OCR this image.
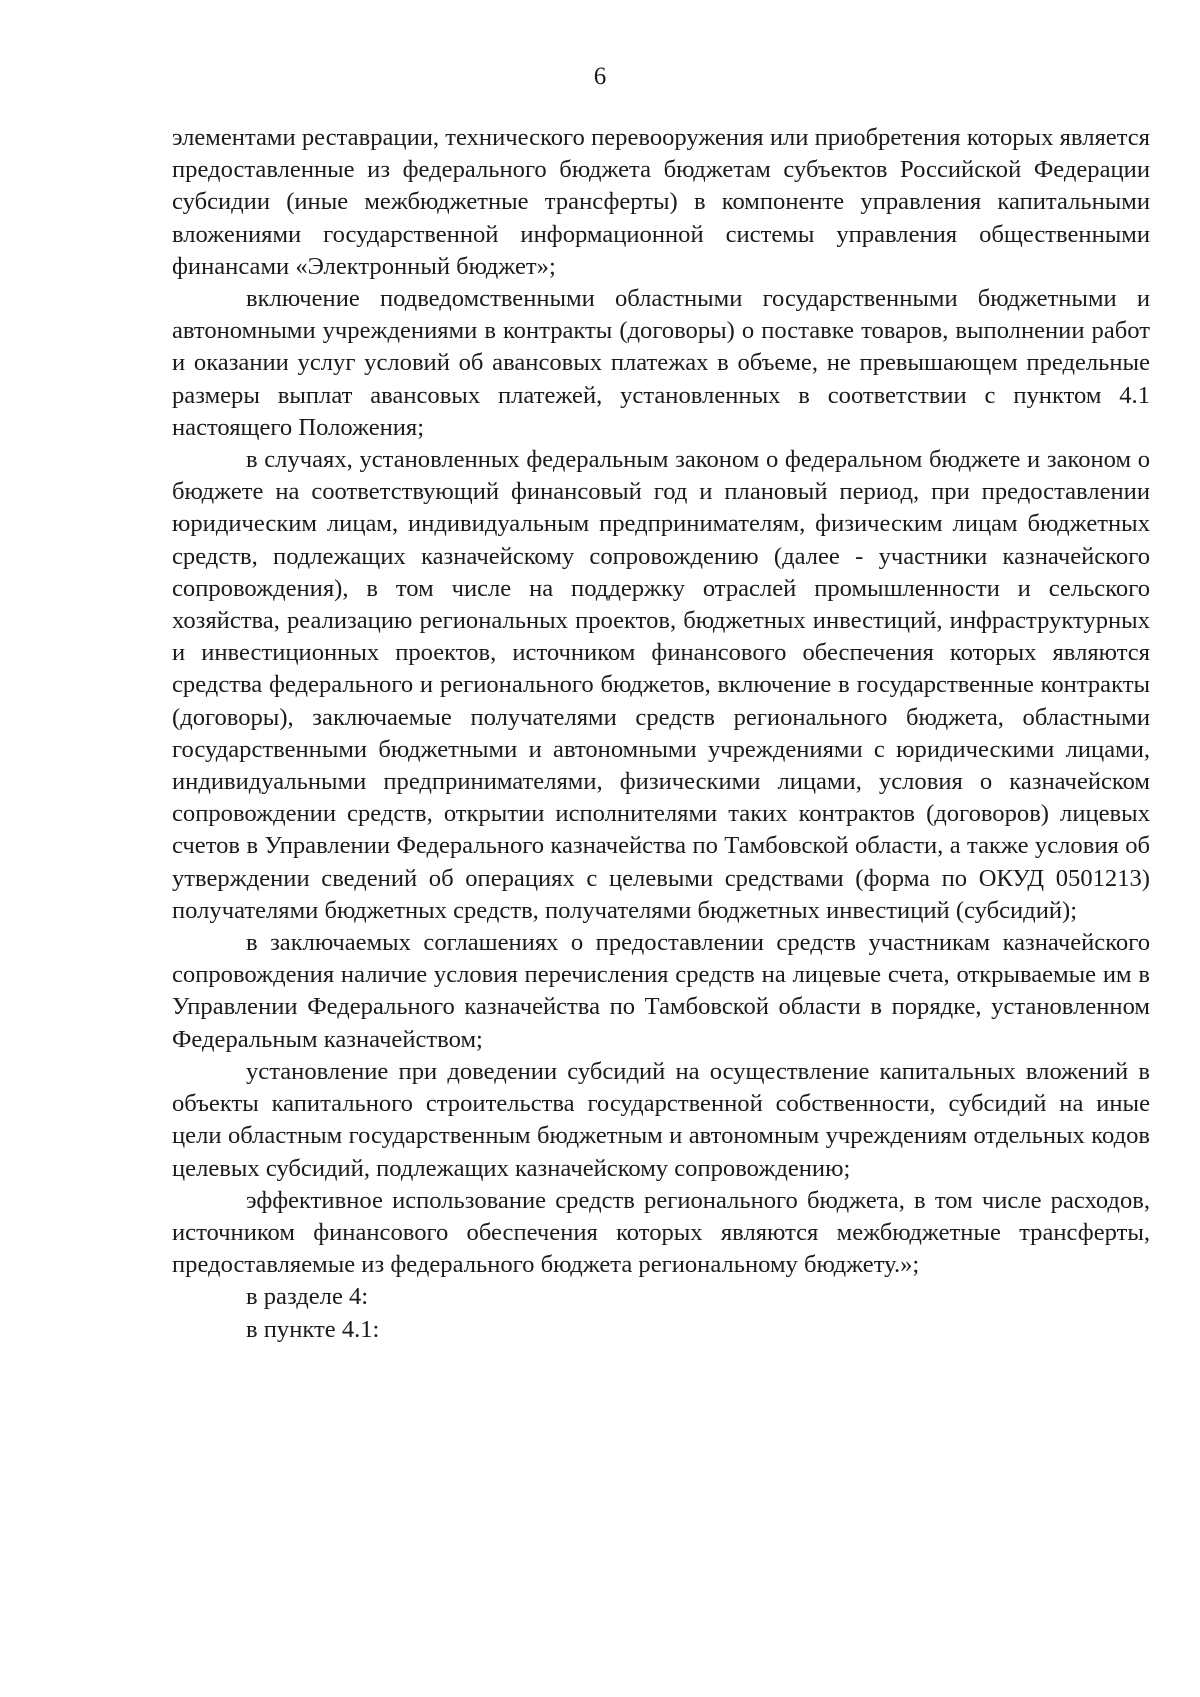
6

элементами реставрации, технического перевооружения или приобретения которых является предоставленные из федерального бюджета бюджетам субъектов Российской Федерации субсидии (иные межбюджетные трансферты) в компоненте управления капитальными вложениями государственной информационной системы управления общественными финансами «Электронный бюджет»;

включение подведомственными областными государственными бюджетными и автономными учреждениями в контракты (договоры) о поставке товаров, выполнении работ и оказании услуг условий об авансовых платежах в объеме, не превышающем предельные размеры выплат авансовых платежей, установленных в соответствии с пунктом 4.1 настоящего Положения;

в случаях, установленных федеральным законом о федеральном бюджете и законом о бюджете на соответствующий финансовый год и плановый период, при предоставлении юридическим лицам, индивидуальным предпринимателям, физическим лицам бюджетных средств, подлежащих казначейскому сопровождению (далее - участники казначейского сопровождения), в том числе на поддержку отраслей промышленности и сельского хозяйства, реализацию региональных проектов, бюджетных инвестиций, инфраструктурных и инвестиционных проектов, источником финансового обеспечения которых являются средства федерального и регионального бюджетов, включение в государственные контракты (договоры), заключаемые получателями средств регионального бюджета, областными государственными бюджетными и автономными учреждениями с юридическими лицами, индивидуальными предпринимателями, физическими лицами, условия о казначейском сопровождении средств, открытии исполнителями таких контрактов (договоров) лицевых счетов в Управлении Федерального казначейства по Тамбовской области, а также условия об утверждении сведений об операциях с целевыми средствами (форма по ОКУД 0501213) получателями бюджетных средств, получателями бюджетных инвестиций (субсидий);

в заключаемых соглашениях о предоставлении средств участникам казначейского сопровождения наличие условия перечисления средств на лицевые счета, открываемые им в Управлении Федерального казначейства по Тамбовской области в порядке, установленном Федеральным казначейством;

установление при доведении субсидий на осуществление капитальных вложений в объекты капитального строительства государственной собственности, субсидий на иные цели областным государственным бюджетным и автономным учреждениям отдельных кодов целевых субсидий, подлежащих казначейскому сопровождению;

эффективное использование средств регионального бюджета, в том числе расходов, источником финансового обеспечения которых являются межбюджетные трансферты, предоставляемые из федерального бюджета региональному бюджету.»;

в разделе 4:

в пункте 4.1:
